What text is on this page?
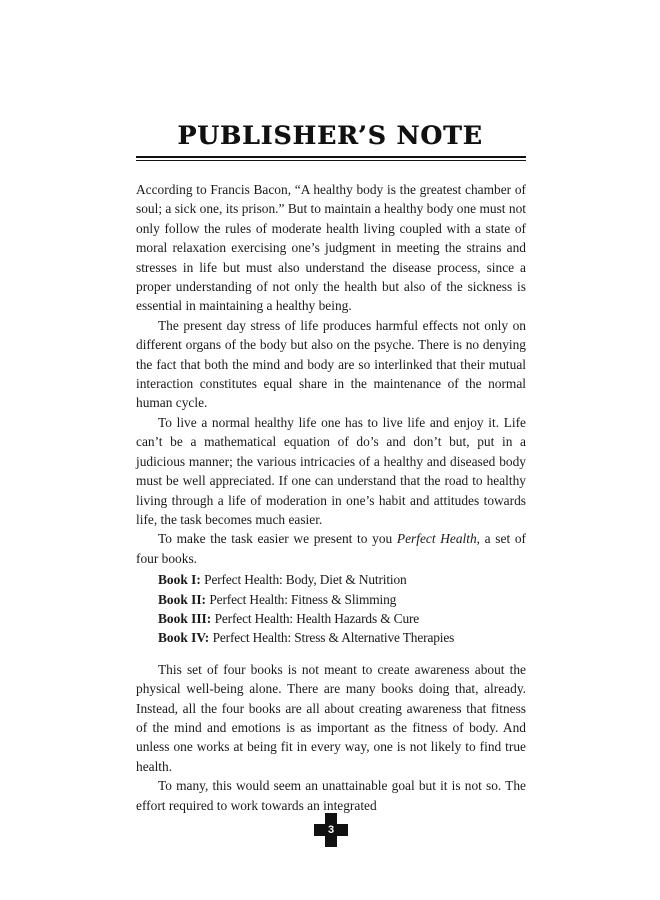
PUBLISHER’S NOTE

According to Francis Bacon, “A healthy body is the greatest chamber of soul; a sick one, its prison.” But to maintain a healthy body one must not only follow the rules of moderate health living coupled with a state of moral relaxation exercising one’s judgment in meeting the strains and stresses in life but must also understand the disease process, since a proper understanding of not only the health but also of the sickness is essential in maintaining a healthy being.

The present day stress of life produces harmful effects not only on different organs of the body but also on the psyche. There is no denying the fact that both the mind and body are so interlinked that their mutual interaction constitutes equal share in the maintenance of the normal human cycle.

To live a normal healthy life one has to live life and enjoy it. Life can’t be a mathematical equation of do’s and don’t but, put in a judicious manner; the various intricacies of a healthy and diseased body must be well appreciated. If one can understand that the road to healthy living through a life of moderation in one’s habit and attitudes towards life, the task becomes much easier.

To make the task easier we present to you Perfect Health, a set of four books.

Book I: Perfect Health: Body, Diet & Nutrition
Book II: Perfect Health: Fitness & Slimming
Book III: Perfect Health: Health Hazards & Cure
Book IV: Perfect Health: Stress & Alternative Therapies

This set of four books is not meant to create awareness about the physical well-being alone. There are many books doing that, already. Instead, all the four books are all about creating awareness that fitness of the mind and emotions is as important as the fitness of body. And unless one works at being fit in every way, one is not likely to find true health.

To many, this would seem an unattainable goal but it is not so. The effort required to work towards an integrated

3
